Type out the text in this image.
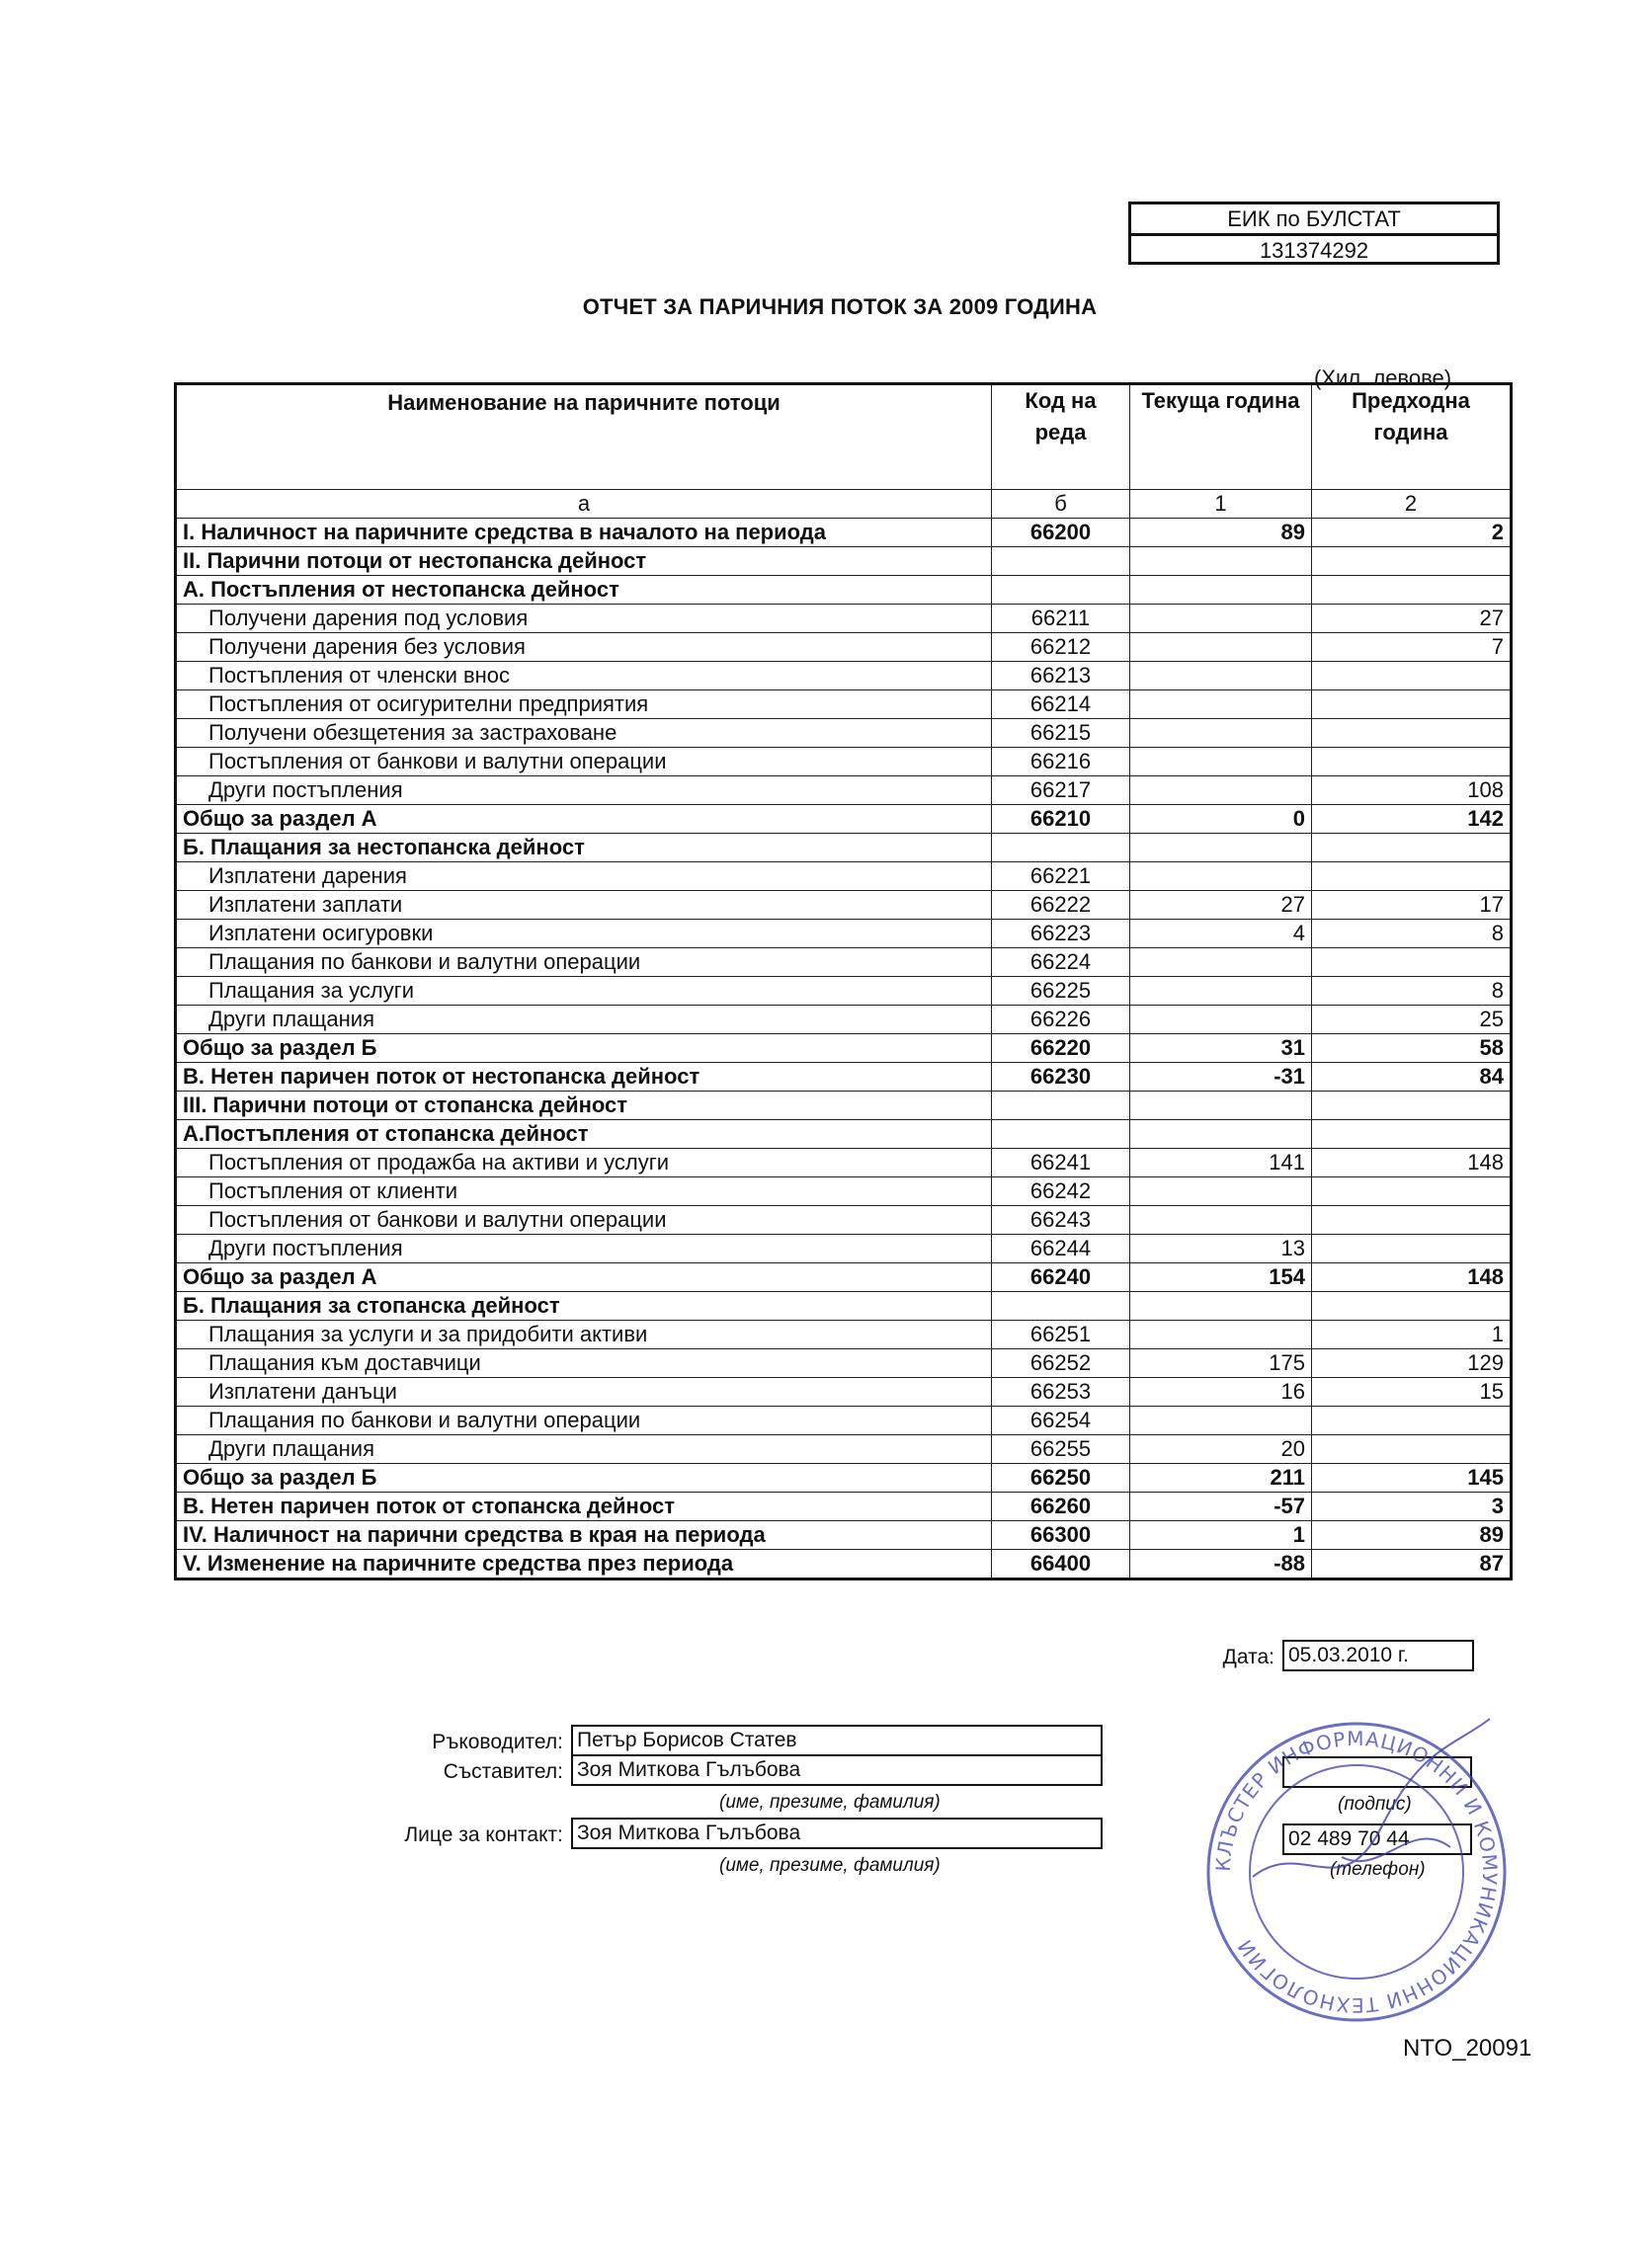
ЕИК по БУЛСТАТ
131374292
ОТЧЕТ ЗА ПАРИЧНИЯ ПОТОК ЗА 2009 ГОДИНА
(Хил. левове)
Наименование на паричните потоци	Код на реда	Текуща година	Предходна година
а	б	1	2
I. Наличност на паричните средства в началото на периода	66200	89	2
II. Парични потоци от нестопанска дейност			
А. Постъпления от нестопанска дейност			
Получени дарения под условия	66211		27
Получени дарения без условия	66212		7
Постъпления от членски внос	66213		
Постъпления от осигурителни предприятия	66214		
Получени обезщетения за застраховане	66215		
Постъпления от банкови и валутни операции	66216		
Други постъпления	66217		108
Общо за раздел А	66210	0	142
Б. Плащания за нестопанска дейност			
Изплатени дарения	66221		
Изплатени заплати	66222	27	17
Изплатени осигуровки	66223	4	8
Плащания по банкови и валутни операции	66224		
Плащания за услуги	66225		8
Други плащания	66226		25
Общо за раздел Б	66220	31	58
В. Нетен паричен поток от нестопанска дейност	66230	-31	84
III. Парични потоци от стопанска дейност			
А.Постъпления от стопанска дейност			
Постъпления от продажба на активи и услуги	66241	141	148
Постъпления от клиенти	66242		
Постъпления от банкови и валутни операции	66243		
Други постъпления	66244	13	
Общо за раздел А	66240	154	148
Б. Плащания за стопанска дейност			
Плащания за услуги и за придобити активи	66251		1
Плащания към доставчици	66252	175	129
Изплатени данъци	66253	16	15
Плащания по банкови и валутни операции	66254		
Други плащания	66255	20	
Общо за раздел Б	66250	211	145
В. Нетен паричен поток от стопанска дейност	66260	-57	3
IV. Наличност на парични средства в края на периода	66300	1	89
V. Изменение на паричните средства през периода	66400	-88	87
Дата: 05.03.2010 г.
Ръководител: Петър Борисов Статев
Съставител: Зоя Миткова Гълъбова
(име, презиме, фамилия)
Лице за контакт: Зоя Миткова Гълъбова
(име, презиме, фамилия)
(подпис)
02 489 70 44
(телефон)
КЛЪСТЕР ИНФОРМАЦИОННИ И КОМУНИКАЦИОННИ ТЕХНОЛОГИИ
NTO_20091
